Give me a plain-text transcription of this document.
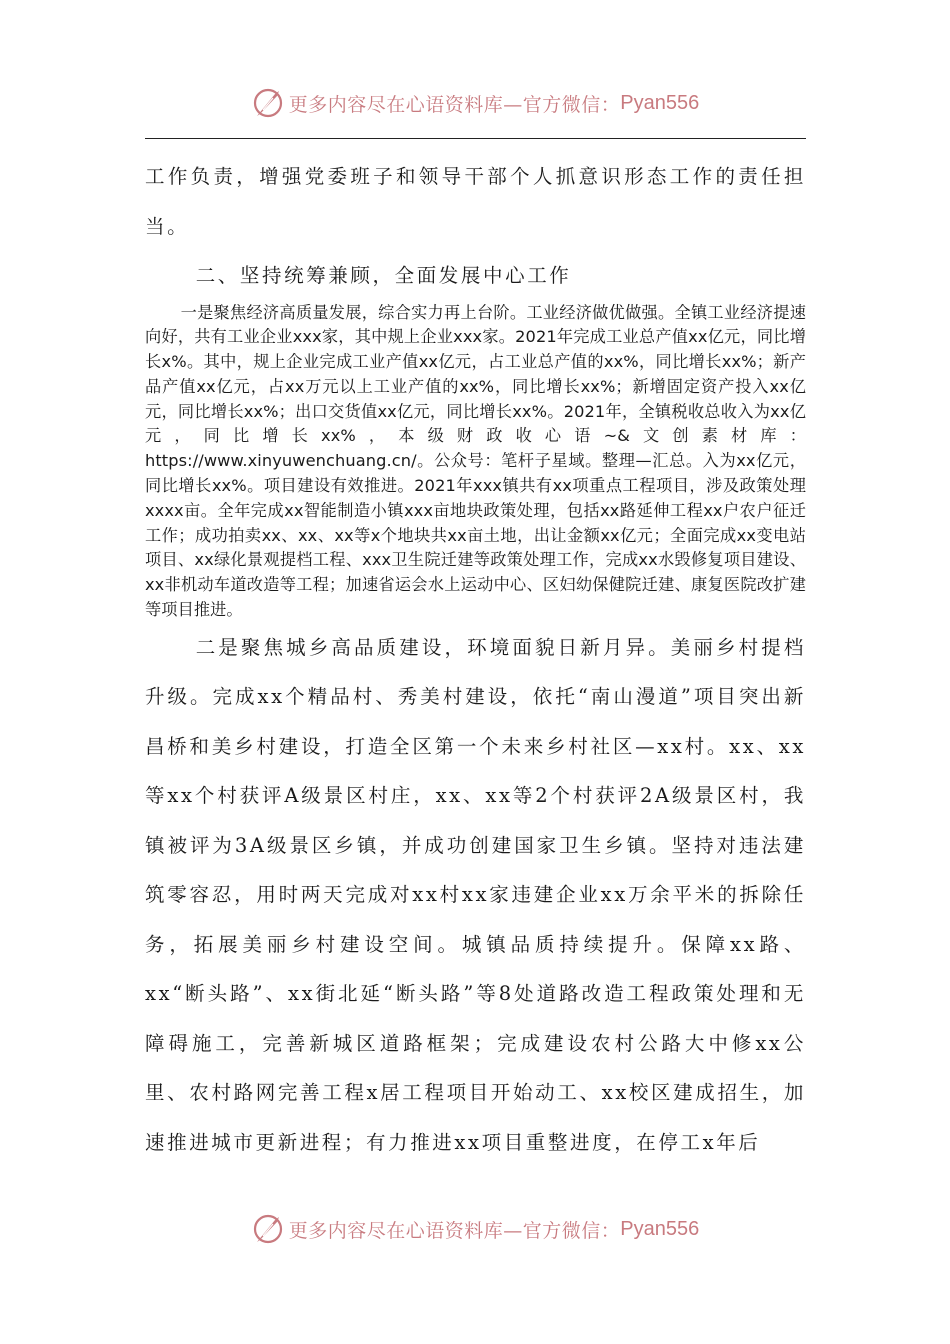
更多内容尽在心语资料库—官方微信： Pyan556

工作负责，增强党委班子和领导干部个人抓意识形态工作的责任担当。

二、坚持统筹兼顾，全面发展中心工作

一是聚焦经济高质量发展，综合实力再上台阶。工业经济做优做强。全镇工业经济提速向好，共有工业企业xxx家，其中规上企业xxx家。2021年完成工业总产值xx亿元，同比增长x%。其中，规上企业完成工业产值xx亿元，占工业总产值的xx%，同比增长xx%；新产品产值xx亿元，占xx万元以上工业产值的xx%，同比增长xx%；新增固定资产投入xx亿元，同比增长xx%；出口交货值xx亿元，同比增长xx%。2021年，全镇税收总收入为xx亿元，同比增长xx%，本级财政收心语~&文创素材库：https://www.xinyuwenchuang.cn/。公众号：笔杆子星域。整理—汇总。入为xx亿元，同比增长xx%。项目建设有效推进。2021年xxx镇共有xx项重点工程项目，涉及政策处理xxxx亩。全年完成xx智能制造小镇xxx亩地块政策处理，包括xx路延伸工程xx户农户征迁工作；成功拍卖xx、xx、xx等x个地块共xx亩土地，出让金额xx亿元；全面完成xx变电站项目、xx绿化景观提档工程、xxx卫生院迁建等政策处理工作，完成xx水毁修复项目建设、xx非机动车道改造等工程；加速省运会水上运动中心、区妇幼保健院迁建、康复医院改扩建等项目推进。

二是聚焦城乡高品质建设，环境面貌日新月异。美丽乡村提档升级。完成xx个精品村、秀美村建设，依托“南山漫道”项目突出新昌桥和美乡村建设，打造全区第一个未来乡村社区—xx村。xx、xx等xx个村获评A级景区村庄，xx、xx等2个村获评2A级景区村，我镇被评为3A级景区乡镇，并成功创建国家卫生乡镇。坚持对违法建筑零容忍，用时两天完成对xx村xx家违建企业xx万余平米的拆除任务，拓展美丽乡村建设空间。城镇品质持续提升。保障xx路、xx“断头路”、xx街北延“断头路”等8处道路改造工程政策处理和无障碍施工，完善新城区道路框架；完成建设农村公路大中修xx公里、农村路网完善工程x居工程项目开始动工、xx校区建成招生，加速推进城市更新进程；有力推进xx项目重整进度，在停工x年后

更多内容尽在心语资料库—官方微信： Pyan556
